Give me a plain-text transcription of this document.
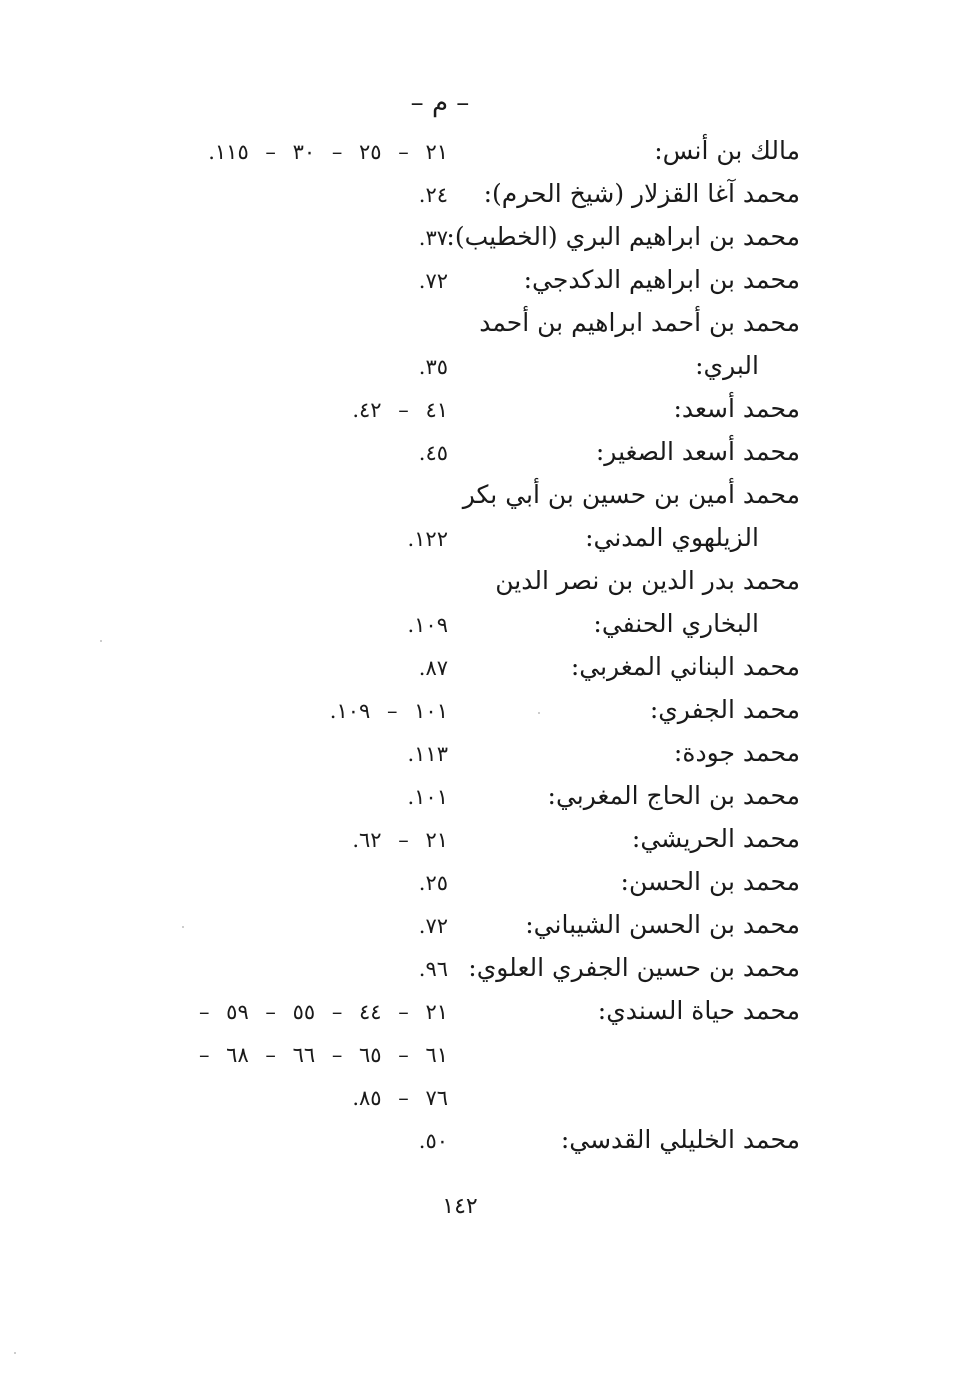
– م –
مالك بن أنس:
٢١ – ٢٥ – ٣٠ – ١١٥.
محمد آغا القزلار (شيخ الحرم):
٢٤.
محمد بن ابراهيم البري (الخطيب):
٣٧.
محمد بن ابراهيم الدكدجي:
٧٢.
محمد بن أحمد ابراهيم بن أحمد
البري:
٣٥.
محمد أسعد:
٤١ – ٤٢.
محمد أسعد الصغير:
٤٥.
محمد أمين بن حسين بن أبي بكر
الزيلهوي المدني:
١٢٢.
محمد بدر الدين بن نصر الدين
البخاري الحنفي:
١٠٩.
محمد البناني المغربي:
٨٧.
محمد الجفري:
١٠١ – ١٠٩.
محمد جودة:
١١٣.
محمد بن الحاج المغربي:
١٠١.
محمد الحريشي:
٢١ – ٦٢.
محمد بن الحسن:
٢٥.
محمد بن الحسن الشيباني:
٧٢.
محمد بن حسين الجفري العلوي:
٩٦.
محمد حياة السندي:
٢١ – ٤٤ – ٥٥ – ٥٩ –
٦١ – ٦٥ – ٦٦ – ٦٨ –
٧٦ – ٨٥.
محمد الخليلي القدسي:
٥٠.
١٤٢
